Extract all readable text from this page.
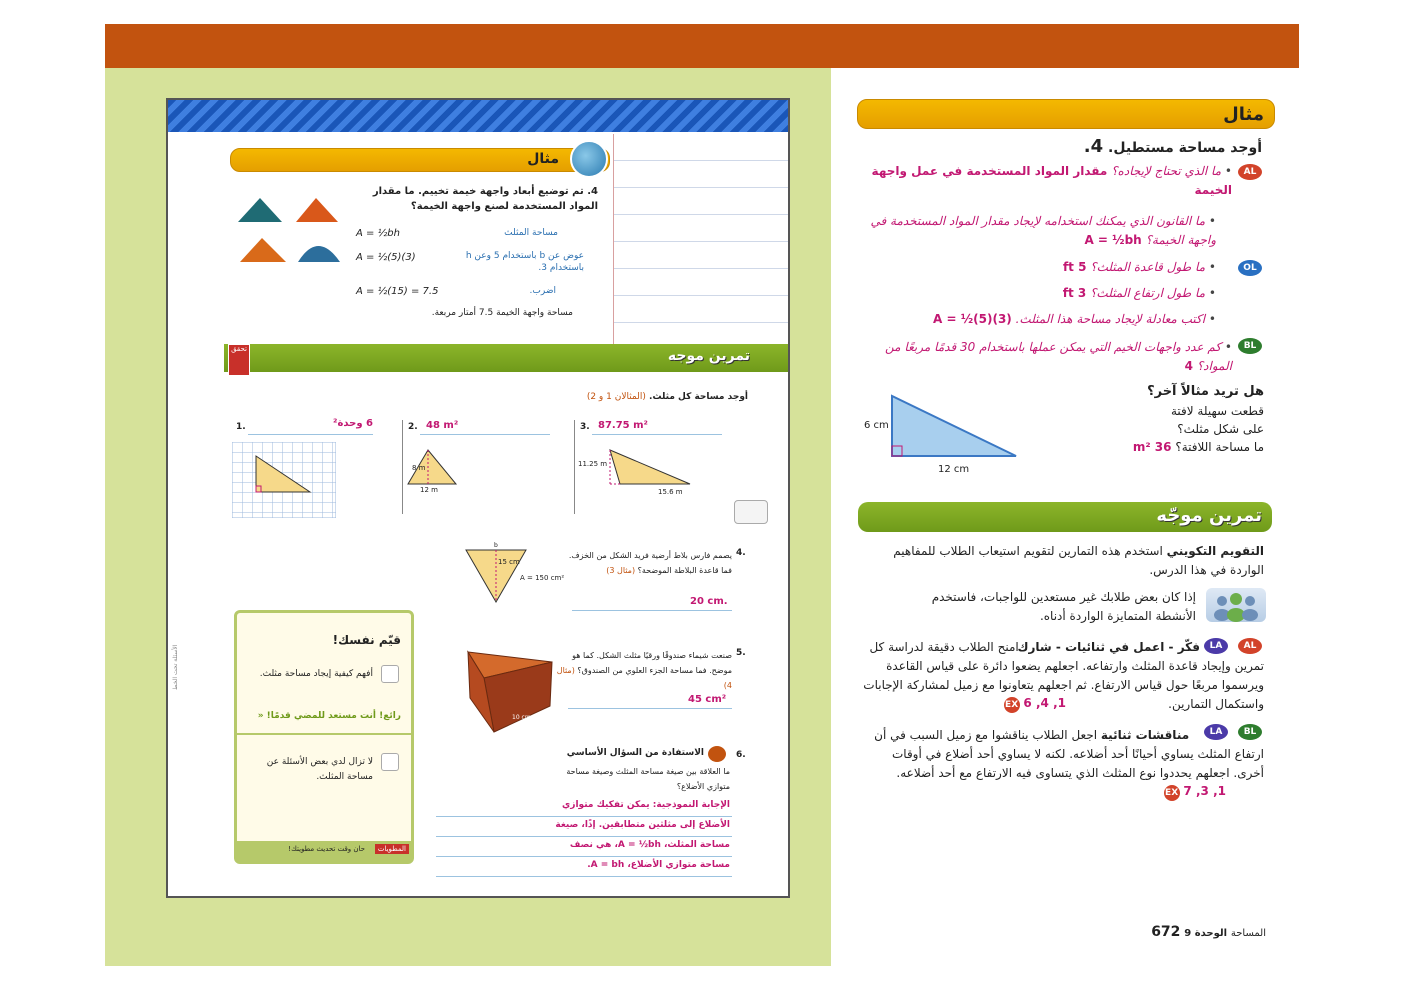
مثال
4. تم توضيع أبعاد واجهة خيمة تخييم. ما مقدار المواد المستخدمة لصنع واجهة الخيمة؟
A = ½bh	مساحة المثلث
A = ½(5)(3)	عوض عن b باستخدام 5 وعن h باستخدام 3.
A = ½(15) = 7.5	اضرب.
مساحة واجهة الخيمة 7.5 أمتار مربعة.
تمرين موجه
تحقق
أوجد مساحة كل مثلث. (المثالان 1 و 2)
1.	6 وحدة²	2. 48 m²
8 m
12 m
3. 87.75 m²
11.25 m
15.6 m
4.
يصمم فارس بلاط أرضية فريد الشكل من الخزف. فما قاعدة البلاطة الموضحة؟ (مثال 3)
20 cm.
b
15 cm
A = 150 cm²
قيّم نفسك!
أفهم كيفية إيجاد مساحة مثلث.
رائع! أنت مستعد للمضي قدمًا! «
لا تزال لدي بعض الأسئلة عن مساحة المثلث.
المطويات
حان وقت تحديث مطويتك!
5.
صنعت شيماء صندوقًا ورقيًا مثلث الشكل. كما هو موضح. فما مساحة الجزء العلوي من الصندوق؟ (مثال 4)
45 cm²
10 cm
6.
الاستفادة من السؤال الأساسي
ما العلاقة بين صيغة مساحة المثلث وصيغة مساحة متوازي الأضلاع؟
الإجابة النموذجية: يمكن تفكيك متوازي
الأضلاع إلى مثلثين متطابقين. إذًا، صيغة
مساحة المثلث، A = ½bh، هي نصف
مساحة متوازي الأضلاع، A = bh.
الأسئلة تحت الخط
مثال
أوجد مساحة مستطيل. 4.
• ما الذي تحتاج لإيجاده؟ مقدار المواد المستخدمة في عمل واجهة الخيمة
AL
• ما القانون الذي يمكنك استخدامه لإيجاد مقدار المواد المستخدمة في واجهة الخيمة؟ A = ½bh
• ما طول قاعدة المثلث؟ 5 ft	OL
• ما طول ارتفاع المثلث؟ 3 ft
• اكتب معادلة لإيجاد مساحة هذا المثلث. A = ½(5)(3)
• كم عدد واجهات الخيم التي يمكن عملها باستخدام 30 قدمًا مربعًا من المواد؟ 4
BL
هل تريد مثالاً آخر؟
قطعت سهيلة لافتة
على شكل مثلث؟
ما مساحة اللافتة؟ 36 m²
6 cm
12 cm
تمرين موجّه
التقويم التكويني استخدم هذه التمارين لتقويم استيعاب الطلاب للمفاهيم الواردة في هذا الدرس.
إذا كان بعض طلابك غير مستعدين للواجبات، فاستخدم الأنشطة المتمايزة الواردة أدناه.
AL
LA
فكّر - اعمل في ثنائيات - شارك
امنح الطلاب دقيقة لدراسة كل تمرين وإيجاد قاعدة المثلث وارتفاعه. اجعلهم يضعوا دائرة على قياس القاعدة ويرسموا مربعًا حول قياس الارتفاع. ثم اجعلهم يتعاونوا مع زميل لمشاركة الإجابات واستكمال التمارين.
1, 4, 6 EX
BL
LA
مناقشات ثنائية اجعل الطلاب يناقشوا مع زميل السبب في أن ارتفاع المثلث يساوي أحيانًا أحد أضلاعه. لكنه لا يساوي أحد أضلاع في أوقات أخرى. اجعلهم يحددوا نوع المثلث الذي يتساوى فيه الارتفاع مع أحد أضلاعه.
1, 3, 7 EX
المساحة الوحدة 9 672
